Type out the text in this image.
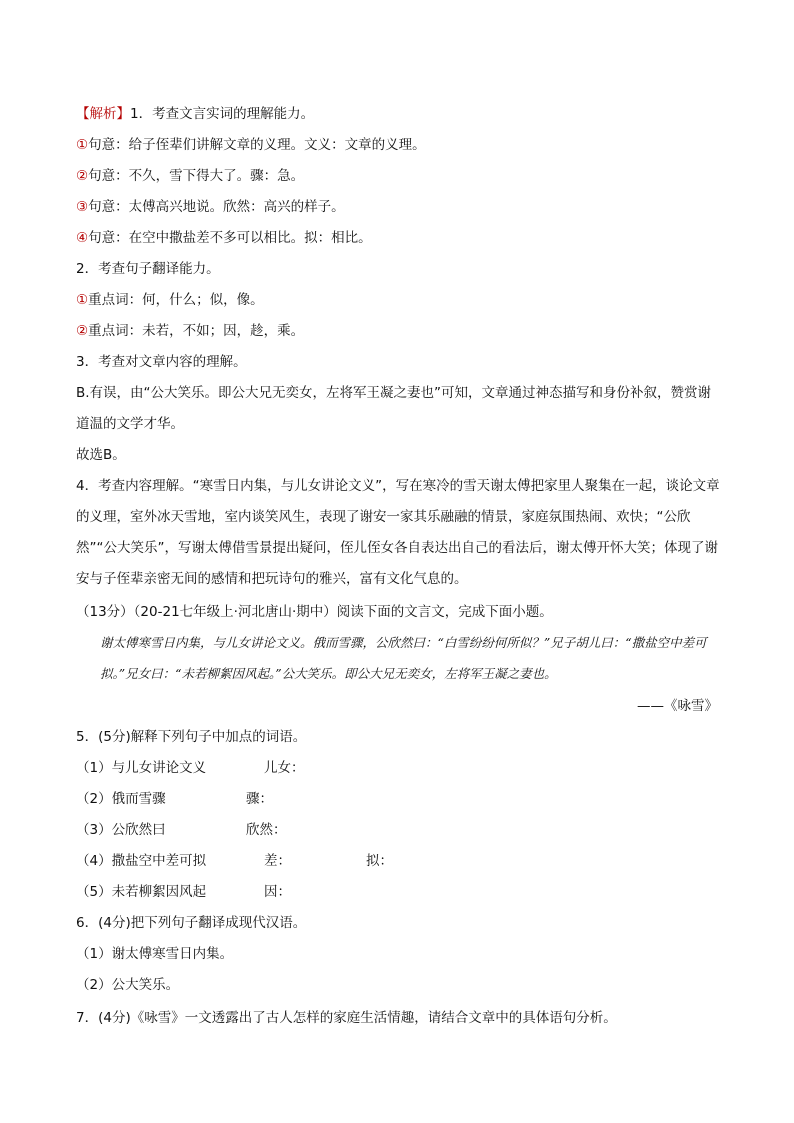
【解析】1．考查文言实词的理解能力。
①句意：给子侄辈们讲解文章的义理。文义：文章的义理。
②句意：不久，雪下得大了。骤：急。
③句意：太傅高兴地说。欣然：高兴的样子。
④句意：在空中撒盐差不多可以相比。拟：相比。
2．考查句子翻译能力。
①重点词：何，什么；似，像。
②重点词：未若，不如；因，趁，乘。
3．考查对文章内容的理解。
B.有误，由“公大笑乐。即公大兄无奕女，左将军王凝之妻也”可知，文章通过神态描写和身份补叙，赞赏谢道温的文学才华。
故选B。
4．考查内容理解。“寒雪日内集，与儿女讲论文义”，写在寒冷的雪天谢太傅把家里人聚集在一起，谈论文章的义理，室外冰天雪地，室内谈笑风生，表现了谢安一家其乐融融的情景，家庭氛围热闹、欢快；“公欣然”“公大笑乐”，写谢太傅借雪景提出疑问，侄儿侄女各自表达出自己的看法后，谢太傅开怀大笑；体现了谢安与子侄辈亲密无间的感情和把玩诗句的雅兴，富有文化气息的。
（13分）（20-21七年级上·河北唐山·期中）阅读下面的文言文，完成下面小题。
谢太傅寒雪日内集，与儿女讲论文义。俄而雪骤，公欣然曰：“白雪纷纷何所似？”兄子胡儿曰：“撒盐空中差可拟。”兄女曰：“未若柳絮因风起。”公大笑乐。即公大兄无奕女，左将军王凝之妻也。
——《咏雪》
5．(5分)解释下列句子中加点的词语。
（1）与儿女讲论文义	儿女：
（2）俄而雪骤	骤：
（3）公欣然曰	欣然：
（4）撒盐空中差可拟	差：	拟：
（5）未若柳絮因风起	因：
6．(4分)把下列句子翻译成现代汉语。
（1）谢太傅寒雪日内集。
（2）公大笑乐。
7．(4分)《咏雪》一文透露出了古人怎样的家庭生活情趣，请结合文章中的具体语句分析。
